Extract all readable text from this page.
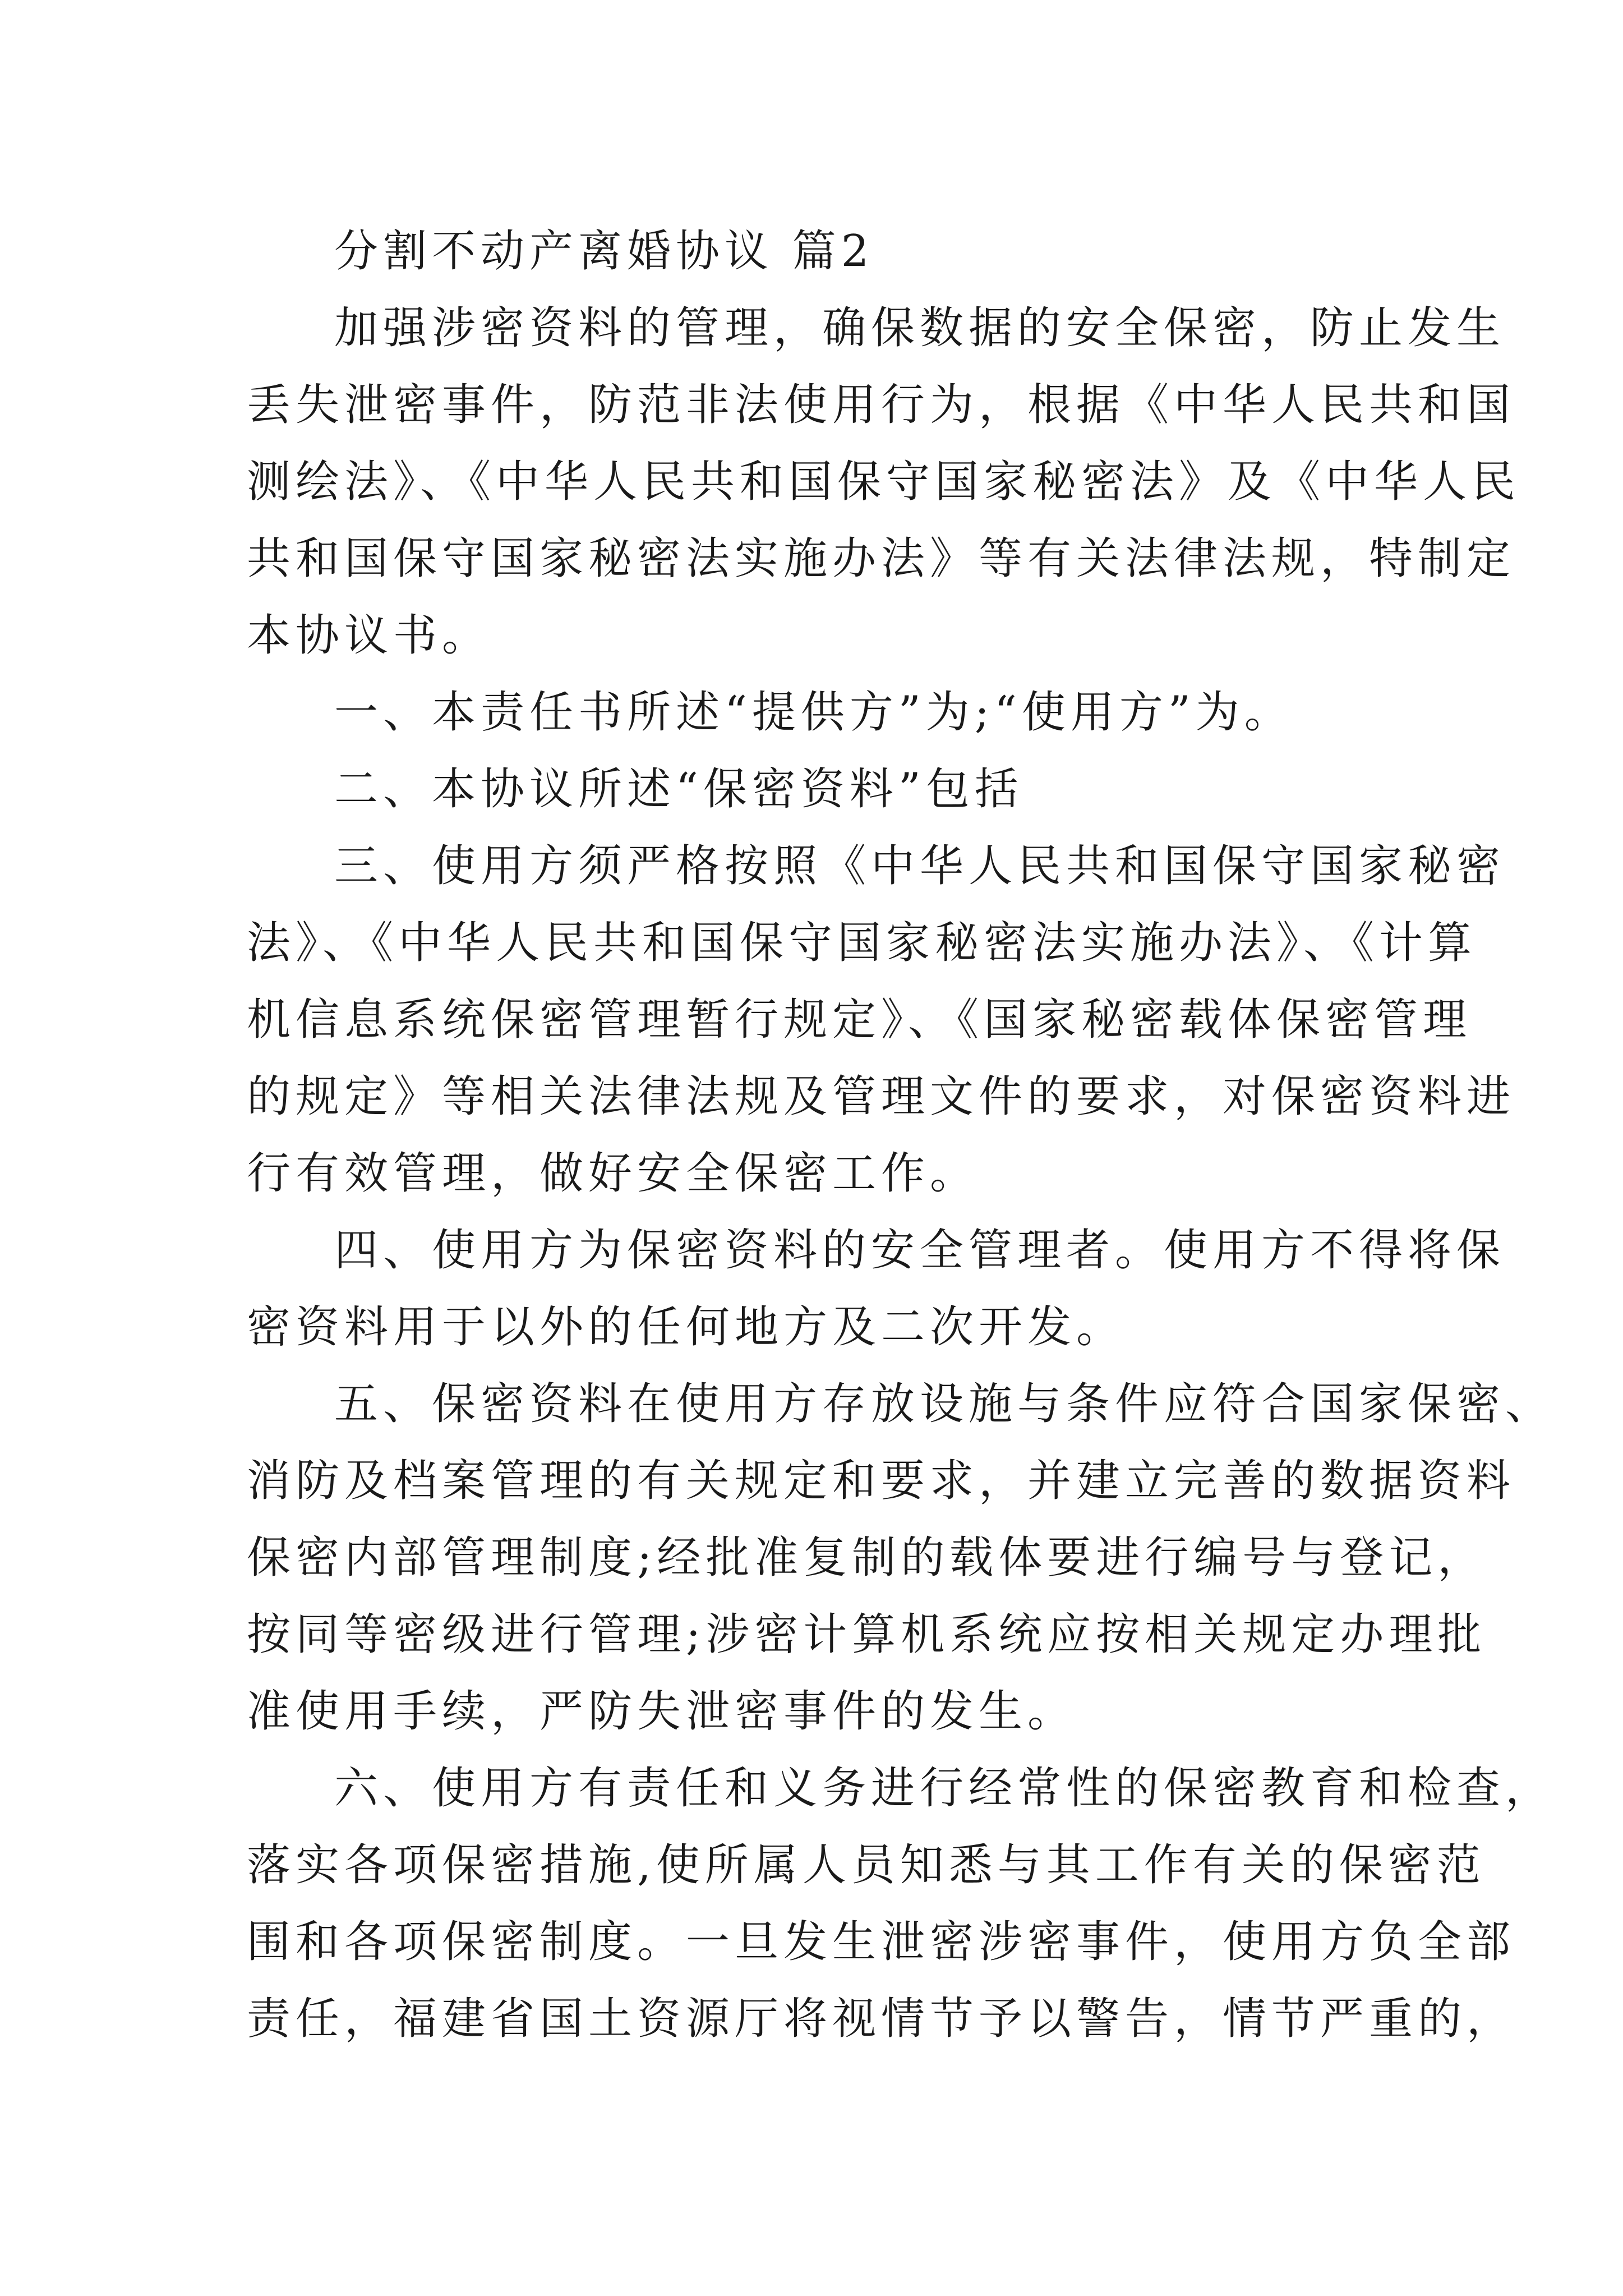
分割不动产离婚协议 篇2
加强涉密资料的管理，确保数据的安全保密，防止发生
丢失泄密事件，防范非法使用行为，根据《中华人民共和国
测绘法》、《中华人民共和国保守国家秘密法》及《中华人民
共和国保守国家秘密法实施办法》等有关法律法规，特制定
本协议书。
一、本责任书所述“提供方”为;“使用方”为。
二、本协议所述“保密资料”包括
三、使用方须严格按照《中华人民共和国保守国家秘密
法》、《中华人民共和国保守国家秘密法实施办法》、《计算
机信息系统保密管理暂行规定》、《国家秘密载体保密管理
的规定》等相关法律法规及管理文件的要求，对保密资料进
行有效管理，做好安全保密工作。
四、使用方为保密资料的安全管理者。使用方不得将保
密资料用于以外的任何地方及二次开发。
五、保密资料在使用方存放设施与条件应符合国家保密、
消防及档案管理的有关规定和要求，并建立完善的数据资料
保密内部管理制度;经批准复制的载体要进行编号与登记，
按同等密级进行管理;涉密计算机系统应按相关规定办理批
准使用手续，严防失泄密事件的发生。
六、使用方有责任和义务进行经常性的保密教育和检查，
落实各项保密措施,使所属人员知悉与其工作有关的保密范
围和各项保密制度。一旦发生泄密涉密事件，使用方负全部
责任，福建省国土资源厅将视情节予以警告，情节严重的，
